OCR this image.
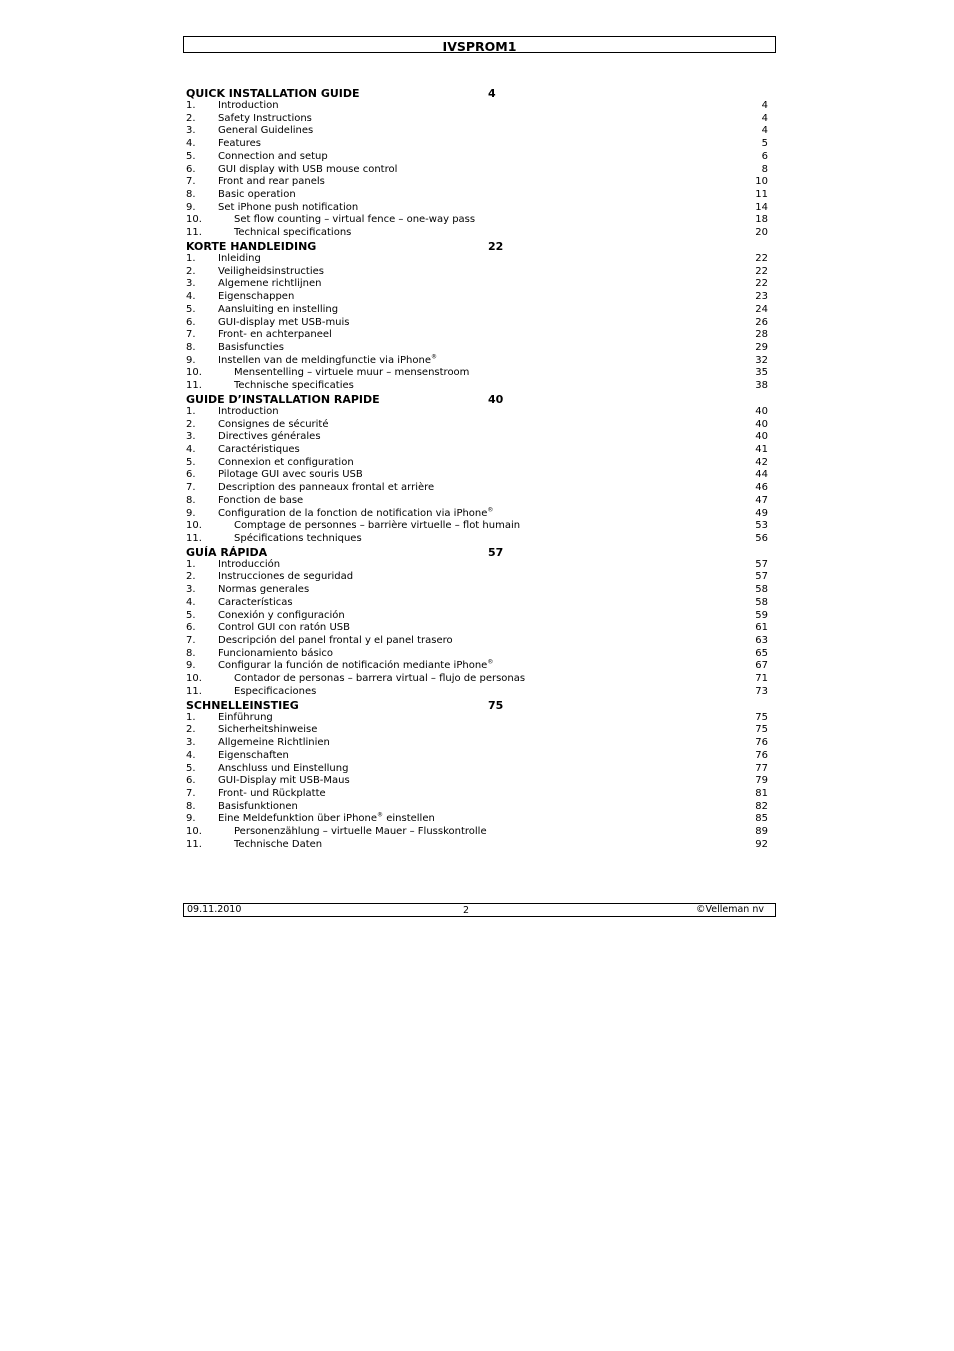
IVSPROM1
QUICK INSTALLATION GUIDE	4
1. Introduction	4
2. Safety Instructions	4
3. General Guidelines	4
4. Features	5
5. Connection and setup	6
6. GUI display with USB mouse control	8
7. Front and rear panels	10
8. Basic operation	11
9. Set iPhone push notification	14
10.	Set flow counting – virtual fence – one-way pass	18
11.	Technical specifications	20
KORTE HANDLEIDING	22
1. Inleiding	22
2. Veiligheidsinstructies	22
3. Algemene richtlijnen	22
4. Eigenschappen	23
5. Aansluiting en instelling	24
6. GUI-display met USB-muis	26
7. Front- en achterpaneel	28
8. Basisfuncties	29
9. Instellen van de meldingfunctie via iPhone®	32
10.	Mensentelling – virtuele muur – mensenstroom	35
11.	Technische specificaties	38
GUIDE D’INSTALLATION RAPIDE	40
1. Introduction	40
2. Consignes de sécurité	40
3. Directives générales	40
4. Caractéristiques	41
5. Connexion et configuration	42
6. Pilotage GUI avec souris USB	44
7. Description des panneaux frontal et arrière	46
8. Fonction de base	47
9. Configuration de la fonction de notification via iPhone®	49
10.	Comptage de personnes – barrière virtuelle – flot humain	53
11.	Spécifications techniques	56
GUÍA RÁPIDA	57
1. Introducción	57
2. Instrucciones de seguridad	57
3. Normas generales	58
4. Características	58
5. Conexión y configuración	59
6. Control GUI con ratón USB	61
7. Descripción del panel frontal y el panel trasero	63
8. Funcionamiento básico	65
9. Configurar la función de notificación mediante iPhone®	67
10.	Contador de personas – barrera virtual – flujo de personas	71
11.	Especificaciones	73
SCHNELLEINSTIEG	75
1. Einführung	75
2. Sicherheitshinweise	75
3. Allgemeine Richtlinien	76
4. Eigenschaften	76
5. Anschluss und Einstellung	77
6. GUI-Display mit USB-Maus	79
7. Front- und Rückplatte	81
8. Basisfunktionen	82
9. Eine Meldefunktion über iPhone® einstellen	85
10.	Personenzählung – virtuelle Mauer – Flusskontrolle	89
11.	Technische Daten	92
09.11.2010	2	©Velleman nv
